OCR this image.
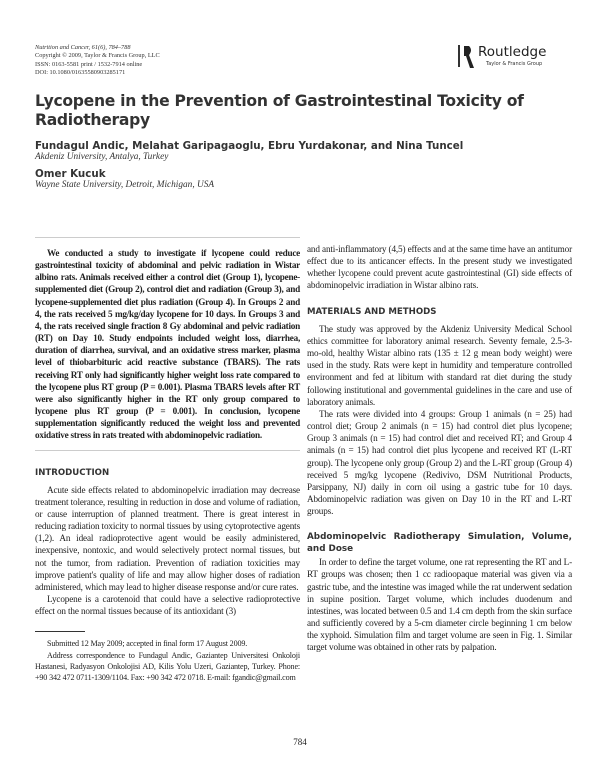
Nutrition and Cancer, 61(6), 784–788
Copyright © 2009, Taylor & Francis Group, LLC
ISSN: 0163-5581 print / 1532-7914 online
DOI: 10.1080/01635580903285171
Routledge
Taylor & Francis Group
Lycopene in the Prevention of Gastrointestinal Toxicity of Radiotherapy
Fundagul Andic, Melahat Garipagaoglu, Ebru Yurdakonar, and Nina Tuncel
Akdeniz University, Antalya, Turkey
Omer Kucuk
Wayne State University, Detroit, Michigan, USA

We conducted a study to investigate if lycopene could reduce gastrointestinal toxicity of abdominal and pelvic radiation in Wistar albino rats. Animals received either a control diet (Group 1), lycopene-supplemented diet (Group 2), control diet and radiation (Group 3), and lycopene-supplemented diet plus radiation (Group 4). In Groups 2 and 4, the rats received 5 mg/kg/day lycopene for 10 days. In Groups 3 and 4, the rats received single fraction 8 Gy abdominal and pelvic radiation (RT) on Day 10. Study endpoints included weight loss, diarrhea, duration of diarrhea, survival, and an oxidative stress marker, plasma level of thiobarbituric acid reactive substance (TBARS). The rats receiving RT only had significantly higher weight loss rate compared to the lycopene plus RT group (P = 0.001). Plasma TBARS levels after RT were also significantly higher in the RT only group compared to lycopene plus RT group (P = 0.001). In conclusion, lycopene supplementation significantly reduced the weight loss and prevented oxidative stress in rats treated with abdominopelvic radiation.

INTRODUCTION

Acute side effects related to abdominopelvic irradiation may decrease treatment tolerance, resulting in reduction in dose and volume of radiation, or cause interruption of planned treatment. There is great interest in reducing radiation toxicity to normal tissues by using cytoprotective agents (1,2). An ideal radioprotective agent would be easily administered, inexpensive, nontoxic, and would selectively protect normal tissues, but not the tumor, from radiation. Prevention of radiation toxicities may improve patient's quality of life and may allow higher doses of radiation administered, which may lead to higher disease response and/or cure rates.

Lycopene is a carotenoid that could have a selective radioprotective effect on the normal tissues because of its antioxidant (3)

Submitted 12 May 2009; accepted in final form 17 August 2009.

Address correspondence to Fundagul Andic, Gaziantep Universitesi Onkoloji Hastanesi, Radyasyon Onkolojisi AD, Kilis Yolu Uzeri, Gaziantep, Turkey. Phone: +90 342 472 0711-1309/1104. Fax: +90 342 472 0718. E-mail: fgandic@gmail.com

and anti-inflammatory (4,5) effects and at the same time have an antitumor effect due to its anticancer effects. In the present study we investigated whether lycopene could prevent acute gastrointestinal (GI) side effects of abdominopelvic irradiation in Wistar albino rats.

MATERIALS AND METHODS

The study was approved by the Akdeniz University Medical School ethics committee for laboratory animal research. Seventy female, 2.5-3-mo-old, healthy Wistar albino rats (135 ± 12 g mean body weight) were used in the study. Rats were kept in humidity and temperature controlled environment and fed at libitum with standard rat diet during the study following institutional and governmental guidelines in the care and use of laboratory animals.

The rats were divided into 4 groups: Group 1 animals (n = 25) had control diet; Group 2 animals (n = 15) had control diet plus lycopene; Group 3 animals (n = 15) had control diet and received RT; and Group 4 animals (n = 15) had control diet plus lycopene and received RT (L-RT group). The lycopene only group (Group 2) and the L-RT group (Group 4) received 5 mg/kg lycopene (Redivivo, DSM Nutritional Products, Parsippany, NJ) daily in corn oil using a gastric tube for 10 days. Abdominopelvic radiation was given on Day 10 in the RT and L-RT groups.

Abdominopelvic Radiotherapy Simulation, Volume, and Dose

In order to define the target volume, one rat representing the RT and L-RT groups was chosen; then 1 cc radioopaque material was given via a gastric tube, and the intestine was imaged while the rat underwent sedation in supine position. Target volume, which includes duodenum and intestines, was located between 0.5 and 1.4 cm depth from the skin surface and sufficiently covered by a 5-cm diameter circle beginning 1 cm below the xyphoid. Simulation film and target volume are seen in Fig. 1. Similar target volume was obtained in other rats by palpation.

784
